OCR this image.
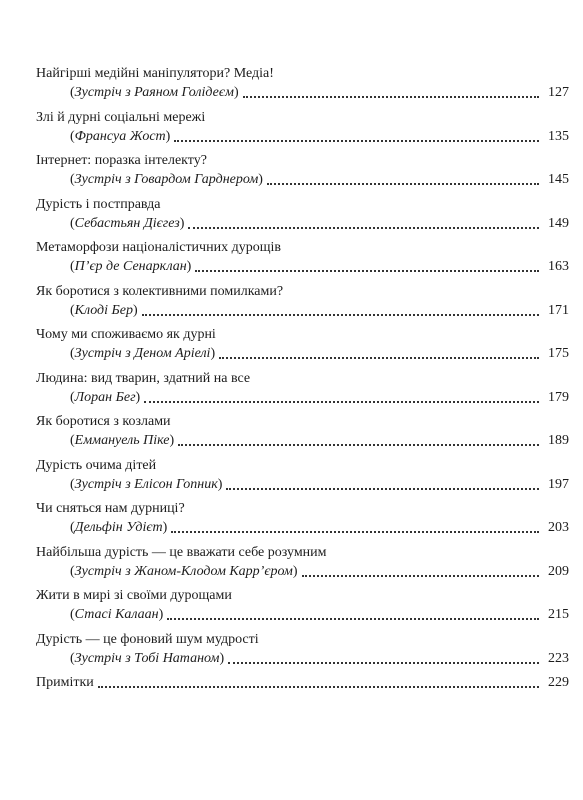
Найгірші медійні маніпулятори? Медіа!
(Зустріч з Раяном Голідеєм)	127
Злі й дурні соціальні мережі
(Франсуа Жост)	135
Інтернет: поразка інтелекту?
(Зустріч з Говардом Гарднером)	145
Дурість і постправда
(Себастьян Дієгез)	149
Метаморфози націоналістичних дурощів
(П’єр де Сенарклан)	163
Як боротися з колективними помилками?
(Клоді Бер)	171
Чому ми споживаємо як дурні
(Зустріч з Деном Аріелі)	175
Людина: вид тварин, здатний на все
(Лоран Бег)	179
Як боротися з козлами
(Еммануель Піке)	189
Дурість очима дітей
(Зустріч з Елісон Гопник)	197
Чи сняться нам дурниці?
(Дельфін Удієт)	203
Найбільша дурість — це вважати себе розумним
(Зустріч з Жаном-Клодом Карр’єром)	209
Жити в мирі зі своїми дурощами
(Стасі Калаан)	215
Дурість — це фоновий шум мудрості
(Зустріч з Тобі Натаном)	223
Примітки	229
